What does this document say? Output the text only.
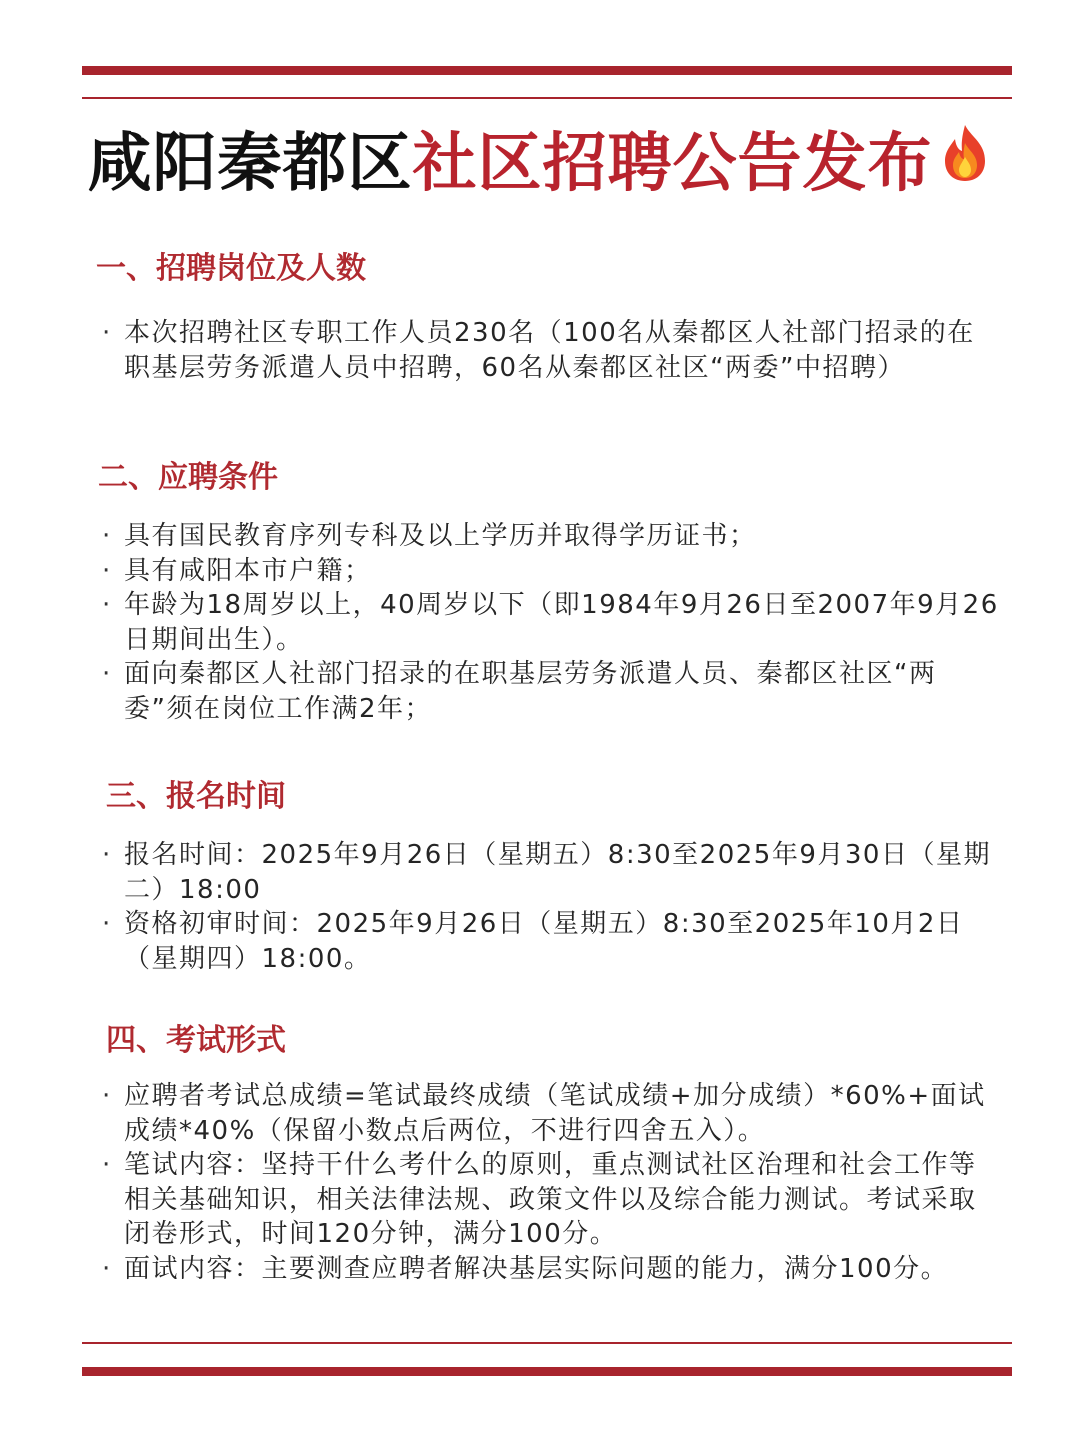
咸阳秦都区社区招聘公告发布
一、招聘岗位及人数
· 本次招聘社区专职工作人员230名（100名从秦都区人社部门招录的在职基层劳务派遣人员中招聘，60名从秦都区社区“两委”中招聘）
二、应聘条件
· 具有国民教育序列专科及以上学历并取得学历证书；
· 具有咸阳本市户籍；
· 年龄为18周岁以上，40周岁以下（即1984年9月26日至2007年9月26日期间出生）。
· 面向秦都区人社部门招录的在职基层劳务派遣人员、秦都区社区“两委”须在岗位工作满2年；
三、报名时间
· 报名时间：2025年9月26日（星期五）8:30至2025年9月30日（星期二）18:00
· 资格初审时间：2025年9月26日（星期五）8:30至2025年10月2日（星期四）18:00。
四、考试形式
· 应聘者考试总成绩=笔试最终成绩（笔试成绩+加分成绩）*60%+面试成绩*40%（保留小数点后两位，不进行四舍五入）。
· 笔试内容：坚持干什么考什么的原则，重点测试社区治理和社会工作等相关基础知识，相关法律法规、政策文件以及综合能力测试。考试采取闭卷形式，时间120分钟，满分100分。
· 面试内容：主要测查应聘者解决基层实际问题的能力，满分100分。
